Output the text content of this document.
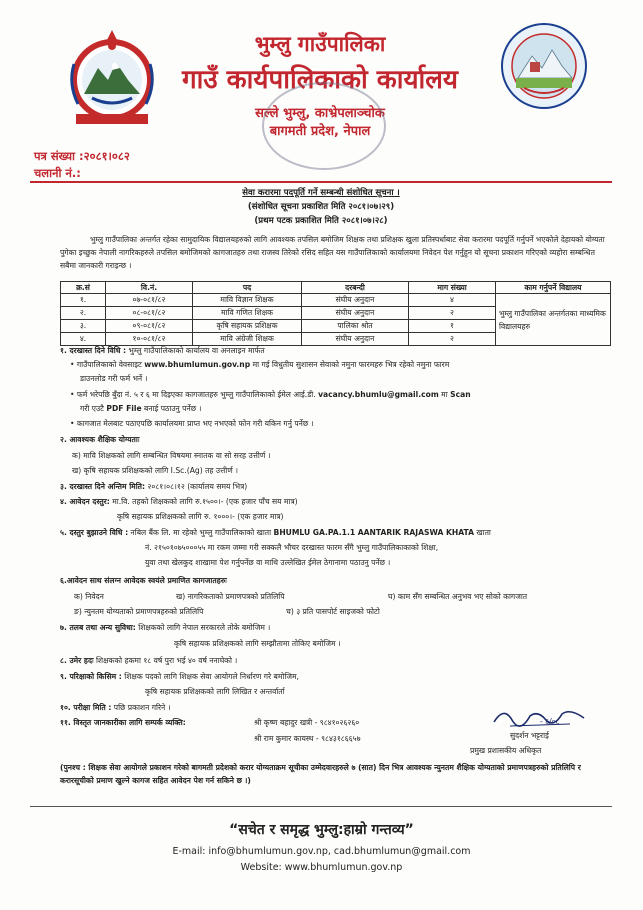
भुम्लु गाउँपालिका
गाउँ कार्यपालिकाको कार्यालय
सल्ले भुम्लु, काभ्रेपलाञ्चोक
बागमती प्रदेश, नेपाल
पत्र संख्या :२०८१।०८२
चलानी नं.:
सेवा करारमा पदपूर्ति गर्ने सम्बन्धी संशोधित सूचना ।
(संशोधित सूचना प्रकाशित मिति २०८१।०७।२९)
(प्रथम पटक प्रकाशित मिति २०८१।०७।२८)
भुम्लु गाउँपालिका अन्तर्गत रहेका सामुदायिक विद्यालयहरुको लागि आवश्यक तपसिल बमोजिम शिक्षक तथा प्रशिक्षक खुला प्रतिस्पर्धाबाट सेवा करारमा पदपूर्ति गर्नुपर्ने भएकोले देहायको योग्यता पुगेका इच्छुक नेपाली नागरिकहरुले तपसिल बमोजिमको कागजातहरु तथा राजस्व तिरेको रसिद सहित यस गाउँपालिकाको कार्यालयमा निवेदन पेश गर्नुहुन यो सूचना प्रकाशन गरिएको व्यहोरा सम्बन्धित सबैमा जानकारी गराइन्छ ।
क्र.सं	वि.नं.	पद	दरबन्दी	माग संख्या	काम गर्नुपर्ने विद्यालय
१.	०७-०८१/८२	मावि विज्ञान शिक्षक	संघीय अनुदान	४	भुम्लु गाउँपालिका अन्तर्गतका माध्यमिक विद्यालयहरु
२.	०८-०८१/८२	मावि गणित शिक्षक	संघीय अनुदान	२	
३.	०९-०८१/८२	कृषि सहायक प्रशिक्षक	पालिका श्रोत	१	
४.	१०-०८१/८२	मावि अंग्रेजी शिक्षक	संघीय अनुदान	२	
१. दरखास्त दिने विधि : भुम्लु गाउँपालिकाको कार्यालय वा अनलाइन मार्फत
• गाउँपालिकाको वेवसाइट www.bhumlumun.gov.np मा गई विधुतीय सुशासन सेवाको नमुना फारमहरु भित्र रहेको नमुना फारम
डाउनलोड गरी फर्म भर्ने ।
• फर्म भरेपछि बुँदा नं. ५ र ६ मा दिइएका कागजातहरु भुम्लु गाउँपालिकाको ईमेल आई.डी. vacancy.bhumlu@gmail.com मा Scan
गरी एउटै PDF File बनाई पठाउनु पर्नेछ ।
• कागजात मेलबाट पठाएपछि कार्यालयमा प्राप्त भए नभएको फोन गरी यकिन गर्नु पर्नेछ ।
२. आवश्यक शैक्षिक योग्यताः
क) मावि शिक्षकको लागि सम्बन्धित विषयमा स्नातक वा सो सरह उत्तीर्ण ।
ख) कृषि सहायक प्रशिक्षकको लागि I.Sc.(Ag) तह उत्तीर्ण ।
३. दरखास्त दिने अन्तिम मिति: २०८१।०८।१२ (कार्यालय समय भित्र)
४. आवेदन दस्तुर: मा.वि. तहको शिक्षकको लागि रु.१५००।- (एक हजार पाँच सय मात्र)
कृषि सहायक प्रशिक्षकको लागि रु. १०००।- (एक हजार मात्र)
५. दस्तुर बुझाउने विधि : नबिल बैंक लि. मा रहेको भुम्लु गाउँपालिकाको खाता BHUMLU GA.PA.1.1 AANTARIK RAJASWA KHATA खाता
नं. २१५०१०७५०००५५ मा रकम जम्मा गरी सक्कलै भौचर दरखास्त फारम सँगै भुम्लु गाउँपालिकाकाको शिक्षा,
युवा तथा खेलकुद शाखामा पेश गर्नुपर्नेछ वा माथि उल्लेखित ईमेल ठेगानामा पठाउनु पर्नेछ ।
६.आवेदन साथ संलग्न आवेदक स्वयंले प्रमाणित कागजातहरुः
क) निवेदन	ख) नागरिकताको प्रमाणपत्रको प्रतिलिपि	घ) काम सँग सम्बन्धित अनुभव भए सोको कागजात
ङ) न्युनतम योग्यताको प्रमाणपत्रहरुको प्रतिलिपि	च) ३ प्रति पासपोर्ट साइजको फोटो
७. तलब तथा अन्य सुविधा: शिक्षकको लागि नेपाल सरकारले तोके बमोजिम ।
कृषि सहायक प्रशिक्षकको लागि सम्झौतामा तोकिए बमोजिम ।
८. उमेर हदः शिक्षकको हकमा १८ वर्ष पुरा भई ४० वर्ष ननाघेको ।
९. परिक्षाको किसिम : शिक्षक पदको लागि शिक्षक सेवा आयोगले निर्धारण गरे बमोजिम,
कृषि सहायक प्रशिक्षकको लागि लिखित र अन्तर्वार्ता
१०. परीक्षा मिति : पछि प्रकाशन गरिने ।
११. विस्तृत जानकारीका लागि सम्पर्क व्यक्ति:	श्री कृष्ण बहादुर खत्री - ९८४१०२६२६०
श्री राम कुमार कायस्थ - ९८४३१८६६५७
- ६/०८
सुदर्शन भट्टराई
प्रमुख प्रशासकीय अधिकृत
(पुनश्च : शिक्षक सेवा आयोगले प्रकाशन गरेको बागमती प्रदेशको करार योग्यताक्रम सूचीका उम्मेदवारहरुले ७ (सात) दिन भित्र आवश्यक न्युनतम शैक्षिक योग्यताको प्रमाणपत्रहरुको प्रतिलिपि र करारसूचीको प्रमाण खुल्ने कागज सहित आवेदन पेश गर्न सकिने छ ।)
“सचेत र समृद्ध भुम्लु:हाम्रो गन्तव्य”
E-mail: info@bhumlumun.gov.np, cad.bhumlumun@gmail.com
Website: www.bhumlumun.gov.np
